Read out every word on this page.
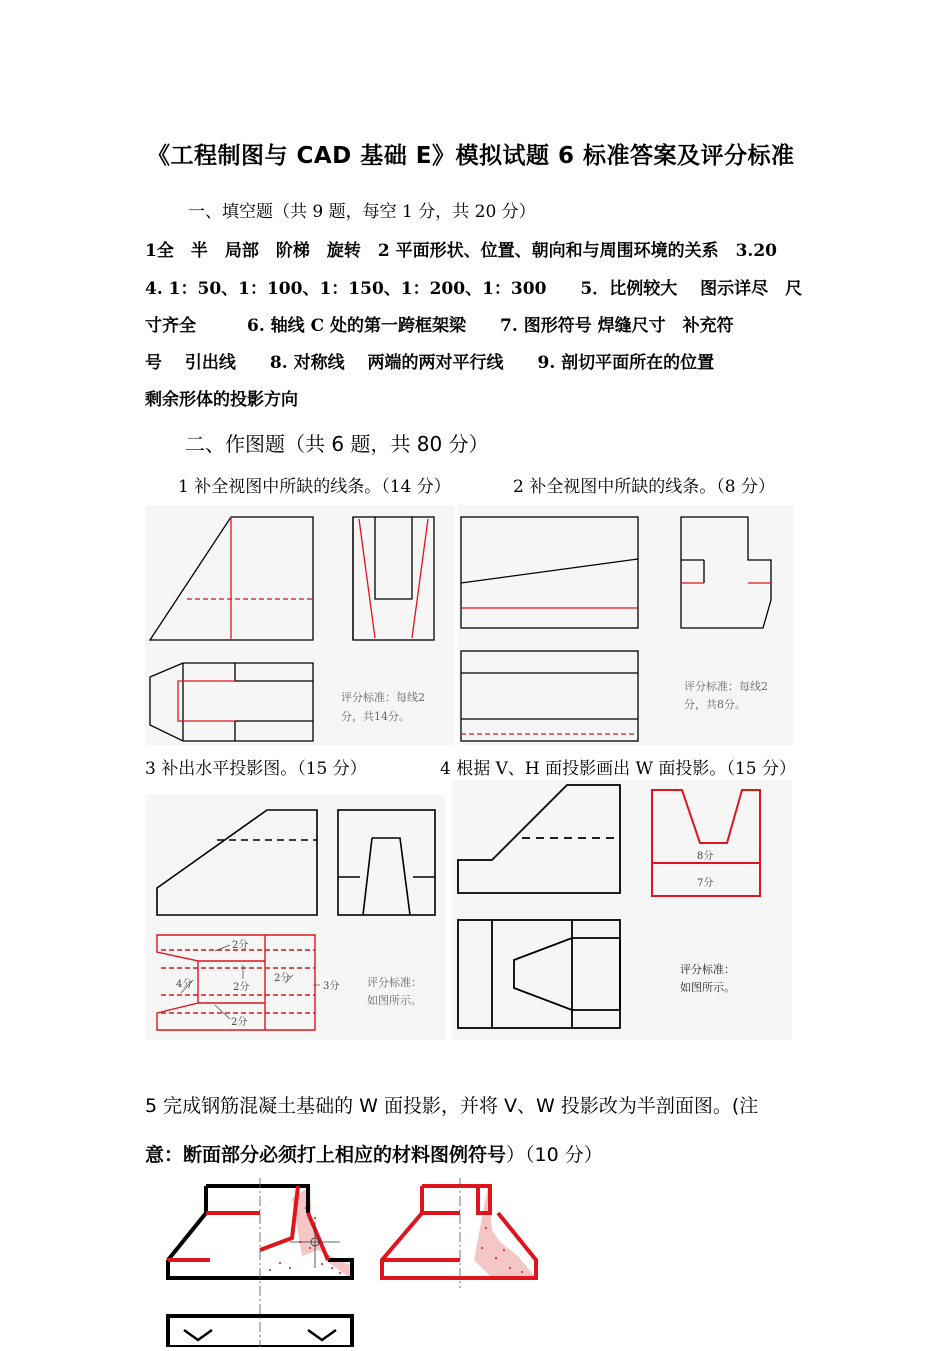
《工程制图与 CAD 基础 E》模拟试题 6 标准答案及评分标准
一、填空题（共 9 题，每空 1 分，共 20 分）
1全　半　局部　阶梯　旋转　2 平面形状、位置、朝向和与周围环境的关系　3.20
4. 1：50、1：100、1：150、1：200、1：300　　5．比例较大　 图示详尽　尺
寸齐全　　　6. 轴线 C 处的第一跨框架梁　　7. 图形符号 焊缝尺寸　补充符
号　 引出线　　8. 对称线　 两端的两对平行线　　9. 剖切平面所在的位置
剩余形体的投影方向
二、作图题（共 6 题，共 80 分）
1 补全视图中所缺的线条。（14 分）	2 补全视图中所缺的线条。（8 分）
评分标准：每线2
分，共14分。
评分标准：每线2
分，共8分。
3 补出水平投影图。（15 分）	4 根据 V、H 面投影画出 W 面投影。（15 分）
2分
4分	2分
2分
3分
2分
评分标准：
如图所示。
8分
7分
评分标准：
如图所示。
5 完成钢筋混凝土基础的 W 面投影，并将 V、W 投影改为半剖面图。(注
意：断面部分必须打上相应的材料图例符号）（10 分）
